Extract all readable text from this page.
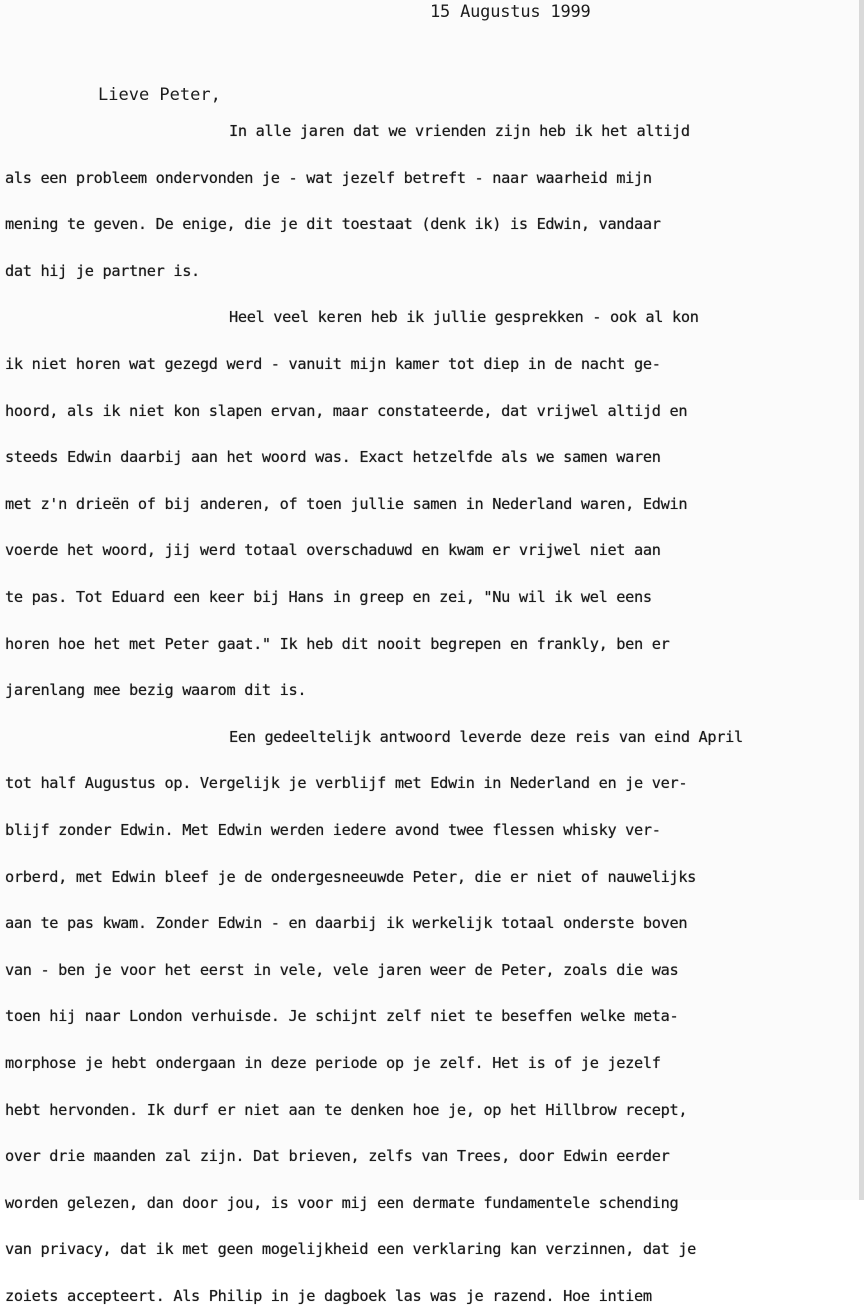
15 Augustus 1999
Lieve Peter,
In alle jaren dat we vrienden zijn heb ik het altijd
als een probleem ondervonden je - wat jezelf betreft - naar waarheid mijn
mening te geven. De enige, die je dit toestaat (denk ik) is Edwin, vandaar
dat hij je partner is.
Heel veel keren heb ik jullie gesprekken - ook al kon
ik niet horen wat gezegd werd - vanuit mijn kamer tot diep in de nacht ge-
hoord, als ik niet kon slapen ervan, maar constateerde, dat vrijwel altijd en
steeds Edwin daarbij aan het woord was. Exact hetzelfde als we samen waren
met z'n drieën of bij anderen, of toen jullie samen in Nederland waren, Edwin
voerde het woord, jij werd totaal overschaduwd en kwam er vrijwel niet aan
te pas. Tot Eduard een keer bij Hans in greep en zei, "Nu wil ik wel eens
horen hoe het met Peter gaat." Ik heb dit nooit begrepen en frankly, ben er
jarenlang mee bezig waarom dit is.
Een gedeeltelijk antwoord leverde deze reis van eind April
tot half Augustus op. Vergelijk je verblijf met Edwin in Nederland en je ver-
blijf zonder Edwin. Met Edwin werden iedere avond twee flessen whisky ver-
orberd, met Edwin bleef je de ondergesneeuwde Peter, die er niet of nauwelijks
aan te pas kwam. Zonder Edwin - en daarbij ik werkelijk totaal onderste boven
van - ben je voor het eerst in vele, vele jaren weer de Peter, zoals die was
toen hij naar London verhuisde. Je schijnt zelf niet te beseffen welke meta-
morphose je hebt ondergaan in deze periode op je zelf. Het is of je jezelf
hebt hervonden. Ik durf er niet aan te denken hoe je, op het Hillbrow recept,
over drie maanden zal zijn. Dat brieven, zelfs van Trees, door Edwin eerder
worden gelezen, dan door jou, is voor mij een dermate fundamentele schending
van privacy, dat ik met geen mogelijkheid een verklaring kan verzinnen, dat je
zoiets accepteert. Als Philip in je dagboek las was je razend. Hoe intiem
